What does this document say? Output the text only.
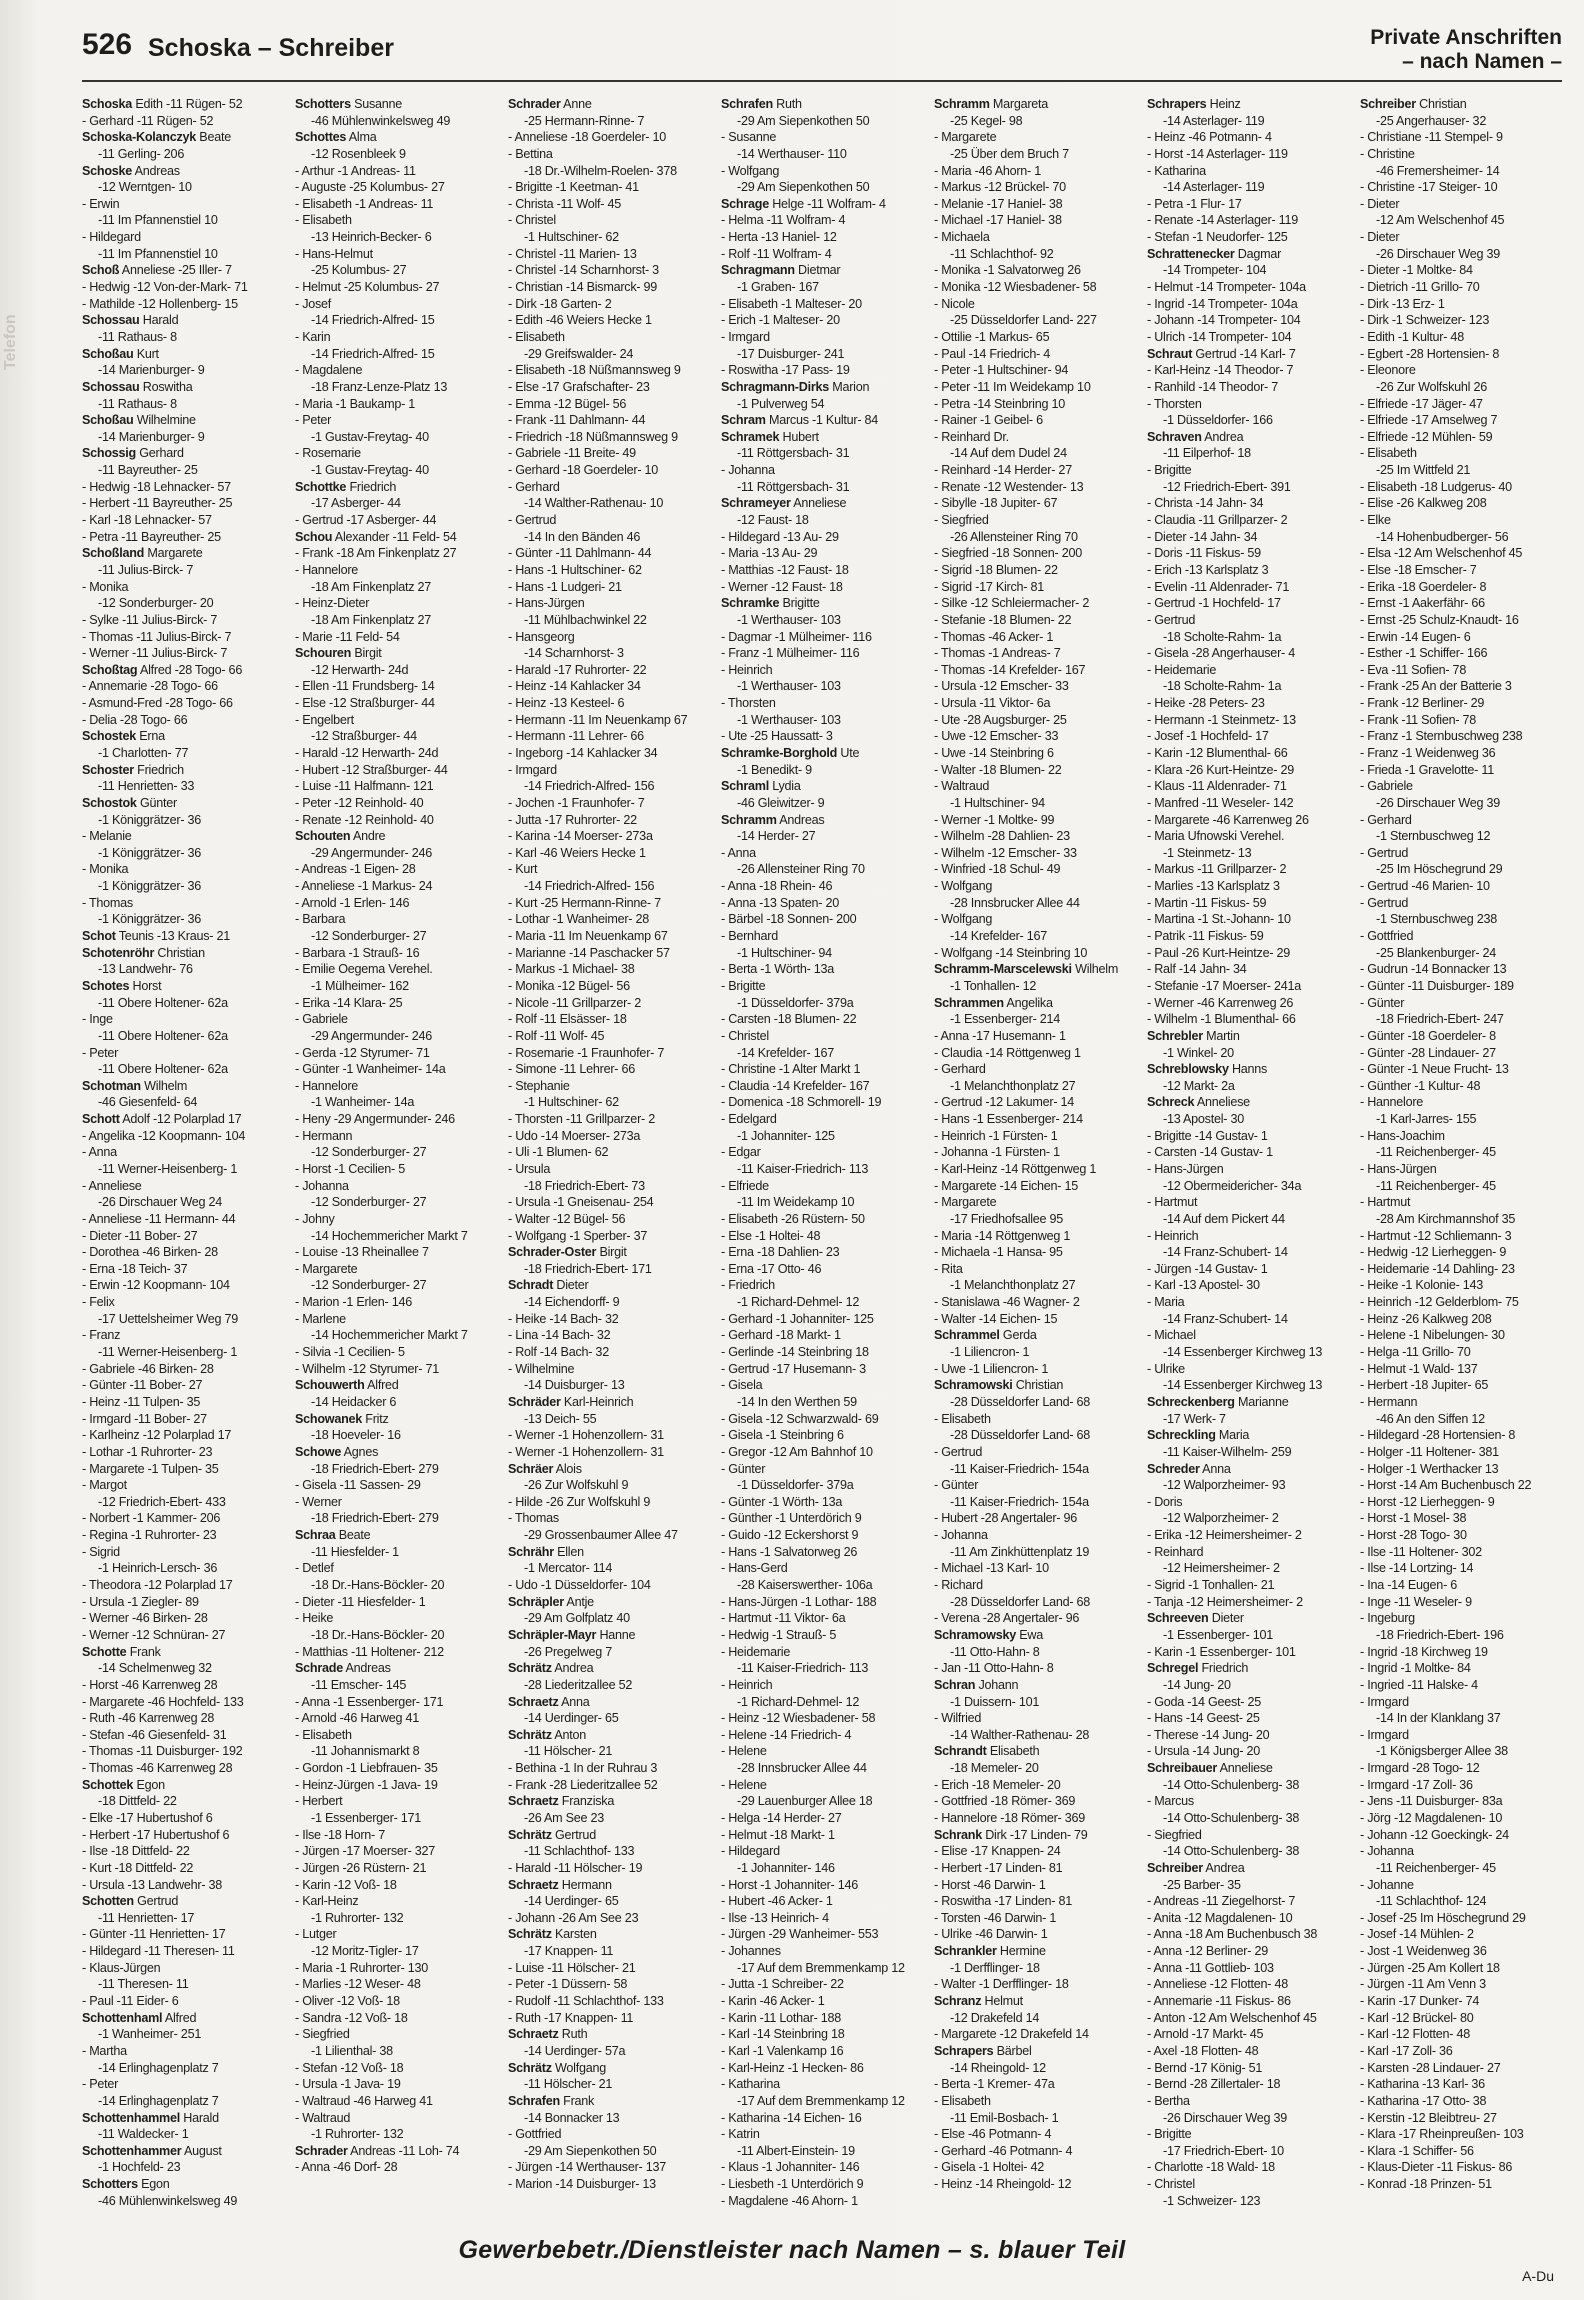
Telefon
526 Schoska – Schreiber	Private Anschriften
– nach Namen –
Schoska Edith -11 Rügen- 52
- Gerhard -11 Rügen- 52
Schoska-Kolanczyk Beate
-11 Gerling- 206
Schoske Andreas
-12 Werntgen- 10
- Erwin
-11 Im Pfannenstiel 10
- Hildegard
-11 Im Pfannenstiel 10
Schoß Anneliese -25 Iller- 7
- Hedwig -12 Von-der-Mark- 71
- Mathilde -12 Hollenberg- 15
Schossau Harald
-11 Rathaus- 8
Schoßau Kurt
-14 Marienburger- 9
Schossau Roswitha
-11 Rathaus- 8
Schoßau Wilhelmine
-14 Marienburger- 9
Schossig Gerhard
-11 Bayreuther- 25
- Hedwig -18 Lehnacker- 57
- Herbert -11 Bayreuther- 25
- Karl -18 Lehnacker- 57
- Petra -11 Bayreuther- 25
Schoßland Margarete
-11 Julius-Birck- 7
- Monika
-12 Sonderburger- 20
- Sylke -11 Julius-Birck- 7
- Thomas -11 Julius-Birck- 7
- Werner -11 Julius-Birck- 7
Schoßtag Alfred -28 Togo- 66
- Annemarie -28 Togo- 66
- Asmund-Fred -28 Togo- 66
- Delia -28 Togo- 66
Schostek Erna
-1 Charlotten- 77
Schoster Friedrich
-11 Henrietten- 33
Schostok Günter
-1 Königgrätzer- 36
- Melanie
-1 Königgrätzer- 36
- Monika
-1 Königgrätzer- 36
- Thomas
-1 Königgrätzer- 36
Schot Teunis -13 Kraus- 21
Schotenröhr Christian
-13 Landwehr- 76
Schotes Horst
-11 Obere Holtener- 62a
- Inge
-11 Obere Holtener- 62a
- Peter
-11 Obere Holtener- 62a
Schotman Wilhelm
-46 Giesenfeld- 64
Schott Adolf -12 Polarplad 17
- Angelika -12 Koopmann- 104
- Anna
-11 Werner-Heisenberg- 1
- Anneliese
-26 Dirschauer Weg 24
- Anneliese -11 Hermann- 44
- Dieter -11 Bober- 27
- Dorothea -46 Birken- 28
- Erna -18 Teich- 37
- Erwin -12 Koopmann- 104
- Felix
-17 Uettelsheimer Weg 79
- Franz
-11 Werner-Heisenberg- 1
- Gabriele -46 Birken- 28
- Günter -11 Bober- 27
- Heinz -11 Tulpen- 35
- Irmgard -11 Bober- 27
- Karlheinz -12 Polarplad 17
- Lothar -1 Ruhrorter- 23
- Margarete -1 Tulpen- 35
- Margot
-12 Friedrich-Ebert- 433
- Norbert -1 Kammer- 206
- Regina -1 Ruhrorter- 23
- Sigrid
-1 Heinrich-Lersch- 36
- Theodora -12 Polarplad 17
- Ursula -1 Ziegler- 89
- Werner -46 Birken- 28
- Werner -12 Schnüran- 27
Schotte Frank
-14 Schelmenweg 32
- Horst -46 Karrenweg 28
- Margarete -46 Hochfeld- 133
- Ruth -46 Karrenweg 28
- Stefan -46 Giesenfeld- 31
- Thomas -11 Duisburger- 192
- Thomas -46 Karrenweg 28
Schottek Egon
-18 Dittfeld- 22
- Elke -17 Hubertushof 6
- Herbert -17 Hubertushof 6
- Ilse -18 Dittfeld- 22
- Kurt -18 Dittfeld- 22
- Ursula -13 Landwehr- 38
Schotten Gertrud
-11 Henrietten- 17
- Günter -11 Henrietten- 17
- Hildegard -11 Theresen- 11
- Klaus-Jürgen
-11 Theresen- 11
- Paul -11 Eider- 6
Schottenhaml Alfred
-1 Wanheimer- 251
- Martha
-14 Erlinghagenplatz 7
- Peter
-14 Erlinghagenplatz 7
Schottenhammel Harald
-11 Waldecker- 1
Schottenhammer August
-1 Hochfeld- 23
Schotters Egon
-46 Mühlenwinkelsweg 49
Schotters Susanne
-46 Mühlenwinkelsweg 49
Schottes Alma
-12 Rosenbleek 9
- Arthur -1 Andreas- 11
- Auguste -25 Kolumbus- 27
- Elisabeth -1 Andreas- 11
- Elisabeth
-13 Heinrich-Becker- 6
- Hans-Helmut
-25 Kolumbus- 27
- Helmut -25 Kolumbus- 27
- Josef
-14 Friedrich-Alfred- 15
- Karin
-14 Friedrich-Alfred- 15
- Magdalene
-18 Franz-Lenze-Platz 13
- Maria -1 Baukamp- 1
- Peter
-1 Gustav-Freytag- 40
- Rosemarie
-1 Gustav-Freytag- 40
Schottke Friedrich
-17 Asberger- 44
- Gertrud -17 Asberger- 44
Schou Alexander -11 Feld- 54
- Frank -18 Am Finkenplatz 27
- Hannelore
-18 Am Finkenplatz 27
- Heinz-Dieter
-18 Am Finkenplatz 27
- Marie -11 Feld- 54
Schouren Birgit
-12 Herwarth- 24d
- Ellen -11 Frundsberg- 14
- Else -12 Straßburger- 44
- Engelbert
-12 Straßburger- 44
- Harald -12 Herwarth- 24d
- Hubert -12 Straßburger- 44
- Luise -11 Halfmann- 121
- Peter -12 Reinhold- 40
- Renate -12 Reinhold- 40
Schouten Andre
-29 Angermunder- 246
- Andreas -1 Eigen- 28
- Anneliese -1 Markus- 24
- Arnold -1 Erlen- 146
- Barbara
-12 Sonderburger- 27
- Barbara -1 Strauß- 16
- Emilie Oegema Verehel.
-1 Mülheimer- 162
- Erika -14 Klara- 25
- Gabriele
-29 Angermunder- 246
- Gerda -12 Styrumer- 71
- Günter -1 Wanheimer- 14a
- Hannelore
-1 Wanheimer- 14a
- Heny -29 Angermunder- 246
- Hermann
-12 Sonderburger- 27
- Horst -1 Cecilien- 5
- Johanna
-12 Sonderburger- 27
- Johny
-14 Hochemmericher Markt 7
- Louise -13 Rheinallee 7
- Margarete
-12 Sonderburger- 27
- Marion -1 Erlen- 146
- Marlene
-14 Hochemmericher Markt 7
- Silvia -1 Cecilien- 5
- Wilhelm -12 Styrumer- 71
Schouwerth Alfred
-14 Heidacker 6
Schowanek Fritz
-18 Hoeveler- 16
Schowe Agnes
-18 Friedrich-Ebert- 279
- Gisela -11 Sassen- 29
- Werner
-18 Friedrich-Ebert- 279
Schraa Beate
-11 Hiesfelder- 1
- Detlef
-18 Dr.-Hans-Böckler- 20
- Dieter -11 Hiesfelder- 1
- Heike
-18 Dr.-Hans-Böckler- 20
- Matthias -11 Holtener- 212
Schrade Andreas
-11 Emscher- 145
- Anna -1 Essenberger- 171
- Arnold -46 Harweg 41
- Elisabeth
-11 Johannismarkt 8
- Gordon -1 Liebfrauen- 35
- Heinz-Jürgen -1 Java- 19
- Herbert
-1 Essenberger- 171
- Ilse -18 Horn- 7
- Jürgen -17 Moerser- 327
- Jürgen -26 Rüstern- 21
- Karin -12 Voß- 18
- Karl-Heinz
-1 Ruhrorter- 132
- Lutger
-12 Moritz-Tigler- 17
- Maria -1 Ruhrorter- 130
- Marlies -12 Weser- 48
- Oliver -12 Voß- 18
- Sandra -12 Voß- 18
- Siegfried
-1 Lilienthal- 38
- Stefan -12 Voß- 18
- Ursula -1 Java- 19
- Waltraud -46 Harweg 41
- Waltraud
-1 Ruhrorter- 132
Schrader Andreas -11 Loh- 74
- Anna -46 Dorf- 28
Schrader Anne
-25 Hermann-Rinne- 7
- Anneliese -18 Goerdeler- 10
- Bettina
-18 Dr.-Wilhelm-Roelen- 378
- Brigitte -1 Keetman- 41
- Christa -11 Wolf- 45
- Christel
-1 Hultschiner- 62
- Christel -11 Marien- 13
- Christel -14 Scharnhorst- 3
- Christian -14 Bismarck- 99
- Dirk -18 Garten- 2
- Edith -46 Weiers Hecke 1
- Elisabeth
-29 Greifswalder- 24
- Elisabeth -18 Nüßmannsweg 9
- Else -17 Grafschafter- 23
- Emma -12 Bügel- 56
- Frank -11 Dahlmann- 44
- Friedrich -18 Nüßmannsweg 9
- Gabriele -11 Breite- 49
- Gerhard -18 Goerdeler- 10
- Gerhard
-14 Walther-Rathenau- 10
- Gertrud
-14 In den Bänden 46
- Günter -11 Dahlmann- 44
- Hans -1 Hultschiner- 62
- Hans -1 Ludgeri- 21
- Hans-Jürgen
-11 Mühlbachwinkel 22
- Hansgeorg
-14 Scharnhorst- 3
- Harald -17 Ruhrorter- 22
- Heinz -14 Kahlacker 34
- Heinz -13 Kesteel- 6
- Hermann -11 Im Neuenkamp 67
- Hermann -11 Lehrer- 66
- Ingeborg -14 Kahlacker 34
- Irmgard
-14 Friedrich-Alfred- 156
- Jochen -1 Fraunhofer- 7
- Jutta -17 Ruhrorter- 22
- Karina -14 Moerser- 273a
- Karl -46 Weiers Hecke 1
- Kurt
-14 Friedrich-Alfred- 156
- Kurt -25 Hermann-Rinne- 7
- Lothar -1 Wanheimer- 28
- Maria -11 Im Neuenkamp 67
- Marianne -14 Paschacker 57
- Markus -1 Michael- 38
- Monika -12 Bügel- 56
- Nicole -11 Grillparzer- 2
- Rolf -11 Elsässer- 18
- Rolf -11 Wolf- 45
- Rosemarie -1 Fraunhofer- 7
- Simone -11 Lehrer- 66
- Stephanie
-1 Hultschiner- 62
- Thorsten -11 Grillparzer- 2
- Udo -14 Moerser- 273a
- Uli -1 Blumen- 62
- Ursula
-18 Friedrich-Ebert- 73
- Ursula -1 Gneisenau- 254
- Walter -12 Bügel- 56
- Wolfgang -1 Sperber- 37
Schrader-Oster Birgit
-18 Friedrich-Ebert- 171
Schradt Dieter
-14 Eichendorff- 9
- Heike -14 Bach- 32
- Lina -14 Bach- 32
- Rolf -14 Bach- 32
- Wilhelmine
-14 Duisburger- 13
Schräder Karl-Heinrich
-13 Deich- 55
- Werner -1 Hohenzollern- 31
- Werner -1 Hohenzollern- 31
Schräer Alois
-26 Zur Wolfskuhl 9
- Hilde -26 Zur Wolfskuhl 9
- Thomas
-29 Grossenbaumer Allee 47
Schrähr Ellen
-1 Mercator- 114
- Udo -1 Düsseldorfer- 104
Schräpler Antje
-29 Am Golfplatz 40
Schräpler-Mayr Hanne
-26 Pregelweg 7
Schrätz Andrea
-28 Liederitzallee 52
Schraetz Anna
-14 Uerdinger- 65
Schrätz Anton
-11 Hölscher- 21
- Bethina -1 In der Ruhrau 3
- Frank -28 Liederitzallee 52
Schraetz Franziska
-26 Am See 23
Schrätz Gertrud
-11 Schlachthof- 133
- Harald -11 Hölscher- 19
Schraetz Hermann
-14 Uerdinger- 65
- Johann -26 Am See 23
Schrätz Karsten
-17 Knappen- 11
- Luise -11 Hölscher- 21
- Peter -1 Düssern- 58
- Rudolf -11 Schlachthof- 133
- Ruth -17 Knappen- 11
Schraetz Ruth
-14 Uerdinger- 57a
Schrätz Wolfgang
-11 Hölscher- 21
Schrafen Frank
-14 Bonnacker 13
- Gottfried
-29 Am Siepenkothen 50
- Jürgen -14 Werthauser- 137
- Marion -14 Duisburger- 13
Schrafen Ruth
-29 Am Siepenkothen 50
- Susanne
-14 Werthauser- 110
- Wolfgang
-29 Am Siepenkothen 50
Schrage Helge -11 Wolfram- 4
- Helma -11 Wolfram- 4
- Herta -13 Haniel- 12
- Rolf -11 Wolfram- 4
Schragmann Dietmar
-1 Graben- 167
- Elisabeth -1 Malteser- 20
- Erich -1 Malteser- 20
- Irmgard
-17 Duisburger- 241
- Roswitha -17 Pass- 19
Schragmann-Dirks Marion
-1 Pulverweg 54
Schram Marcus -1 Kultur- 84
Schramek Hubert
-11 Röttgersbach- 31
- Johanna
-11 Röttgersbach- 31
Schrameyer Anneliese
-12 Faust- 18
- Hildegard -13 Au- 29
- Maria -13 Au- 29
- Matthias -12 Faust- 18
- Werner -12 Faust- 18
Schramke Brigitte
-1 Werthauser- 103
- Dagmar -1 Mülheimer- 116
- Franz -1 Mülheimer- 116
- Heinrich
-1 Werthauser- 103
- Thorsten
-1 Werthauser- 103
- Ute -25 Haussatt- 3
Schramke-Borghold Ute
-1 Benedikt- 9
Schraml Lydia
-46 Gleiwitzer- 9
Schramm Andreas
-14 Herder- 27
- Anna
-26 Allensteiner Ring 70
- Anna -18 Rhein- 46
- Anna -13 Spaten- 20
- Bärbel -18 Sonnen- 200
- Bernhard
-1 Hultschiner- 94
- Berta -1 Wörth- 13a
- Brigitte
-1 Düsseldorfer- 379a
- Carsten -18 Blumen- 22
- Christel
-14 Krefelder- 167
- Christine -1 Alter Markt 1
- Claudia -14 Krefelder- 167
- Domenica -18 Schmorell- 19
- Edelgard
-1 Johanniter- 125
- Edgar
-11 Kaiser-Friedrich- 113
- Elfriede
-11 Im Weidekamp 10
- Elisabeth -26 Rüstern- 50
- Else -1 Holtei- 48
- Erna -18 Dahlien- 23
- Erna -17 Otto- 46
- Friedrich
-1 Richard-Dehmel- 12
- Gerhard -1 Johanniter- 125
- Gerhard -18 Markt- 1
- Gerlinde -14 Steinbring 18
- Gertrud -17 Husemann- 3
- Gisela
-14 In den Werthen 59
- Gisela -12 Schwarzwald- 69
- Gisela -1 Steinbring 6
- Gregor -12 Am Bahnhof 10
- Günter
-1 Düsseldorfer- 379a
- Günter -1 Wörth- 13a
- Günther -1 Unterdörich 9
- Guido -12 Eckershorst 9
- Hans -1 Salvatorweg 26
- Hans-Gerd
-28 Kaiserswerther- 106a
- Hans-Jürgen -1 Lothar- 188
- Hartmut -11 Viktor- 6a
- Hedwig -1 Strauß- 5
- Heidemarie
-11 Kaiser-Friedrich- 113
- Heinrich
-1 Richard-Dehmel- 12
- Heinz -12 Wiesbadener- 58
- Helene -14 Friedrich- 4
- Helene
-28 Innsbrucker Allee 44
- Helene
-29 Lauenburger Allee 18
- Helga -14 Herder- 27
- Helmut -18 Markt- 1
- Hildegard
-1 Johanniter- 146
- Horst -1 Johanniter- 146
- Hubert -46 Acker- 1
- Ilse -13 Heinrich- 4
- Jürgen -29 Wanheimer- 553
- Johannes
-17 Auf dem Bremmenkamp 12
- Jutta -1 Schreiber- 22
- Karin -46 Acker- 1
- Karin -11 Lothar- 188
- Karl -14 Steinbring 18
- Karl -1 Valenkamp 16
- Karl-Heinz -1 Hecken- 86
- Katharina
-17 Auf dem Bremmenkamp 12
- Katharina -14 Eichen- 16
- Katrin
-11 Albert-Einstein- 19
- Klaus -1 Johanniter- 146
- Liesbeth -1 Unterdörich 9
- Magdalene -46 Ahorn- 1
Schramm Margareta
-25 Kegel- 98
- Margarete
-25 Über dem Bruch 7
- Maria -46 Ahorn- 1
- Markus -12 Brückel- 70
- Melanie -17 Haniel- 38
- Michael -17 Haniel- 38
- Michaela
-11 Schlachthof- 92
- Monika -1 Salvatorweg 26
- Monika -12 Wiesbadener- 58
- Nicole
-25 Düsseldorfer Land- 227
- Ottilie -1 Markus- 65
- Paul -14 Friedrich- 4
- Peter -1 Hultschiner- 94
- Peter -11 Im Weidekamp 10
- Petra -14 Steinbring 10
- Rainer -1 Geibel- 6
- Reinhard Dr.
-14 Auf dem Dudel 24
- Reinhard -14 Herder- 27
- Renate -12 Westender- 13
- Sibylle -18 Jupiter- 67
- Siegfried
-26 Allensteiner Ring 70
- Siegfried -18 Sonnen- 200
- Sigrid -18 Blumen- 22
- Sigrid -17 Kirch- 81
- Silke -12 Schleiermacher- 2
- Stefanie -18 Blumen- 22
- Thomas -46 Acker- 1
- Thomas -1 Andreas- 7
- Thomas -14 Krefelder- 167
- Ursula -12 Emscher- 33
- Ursula -11 Viktor- 6a
- Ute -28 Augsburger- 25
- Uwe -12 Emscher- 33
- Uwe -14 Steinbring 6
- Walter -18 Blumen- 22
- Waltraud
-1 Hultschiner- 94
- Werner -1 Moltke- 99
- Wilhelm -28 Dahlien- 23
- Wilhelm -12 Emscher- 33
- Winfried -18 Schul- 49
- Wolfgang
-28 Innsbrucker Allee 44
- Wolfgang
-14 Krefelder- 167
- Wolfgang -14 Steinbring 10
Schramm-Marscelewski Wilhelm
-1 Tonhallen- 12
Schrammen Angelika
-1 Essenberger- 214
- Anna -17 Husemann- 1
- Claudia -14 Röttgenweg 1
- Gerhard
-1 Melanchthonplatz 27
- Gertrud -12 Lakumer- 14
- Hans -1 Essenberger- 214
- Heinrich -1 Fürsten- 1
- Johanna -1 Fürsten- 1
- Karl-Heinz -14 Röttgenweg 1
- Margarete -14 Eichen- 15
- Margarete
-17 Friedhofsallee 95
- Maria -14 Röttgenweg 1
- Michaela -1 Hansa- 95
- Rita
-1 Melanchthonplatz 27
- Stanislawa -46 Wagner- 2
- Walter -14 Eichen- 15
Schrammel Gerda
-1 Liliencron- 1
- Uwe -1 Liliencron- 1
Schramowski Christian
-28 Düsseldorfer Land- 68
- Elisabeth
-28 Düsseldorfer Land- 68
- Gertrud
-11 Kaiser-Friedrich- 154a
- Günter
-11 Kaiser-Friedrich- 154a
- Hubert -28 Angertaler- 96
- Johanna
-11 Am Zinkhüttenplatz 19
- Michael -13 Karl- 10
- Richard
-28 Düsseldorfer Land- 68
- Verena -28 Angertaler- 96
Schramowsky Ewa
-11 Otto-Hahn- 8
- Jan -11 Otto-Hahn- 8
Schran Johann
-1 Duissern- 101
- Wilfried
-14 Walther-Rathenau- 28
Schrandt Elisabeth
-18 Memeler- 20
- Erich -18 Memeler- 20
- Gottfried -18 Römer- 369
- Hannelore -18 Römer- 369
Schrank Dirk -17 Linden- 79
- Elise -17 Knappen- 24
- Herbert -17 Linden- 81
- Horst -46 Darwin- 1
- Roswitha -17 Linden- 81
- Torsten -46 Darwin- 1
- Ulrike -46 Darwin- 1
Schrankler Hermine
-1 Derfflinger- 18
- Walter -1 Derfflinger- 18
Schranz Helmut
-12 Drakefeld 14
- Margarete -12 Drakefeld 14
Schrapers Bärbel
-14 Rheingold- 12
- Berta -1 Kremer- 47a
- Elisabeth
-11 Emil-Bosbach- 1
- Else -46 Potmann- 4
- Gerhard -46 Potmann- 4
- Gisela -1 Holtei- 42
- Heinz -14 Rheingold- 12
Schrapers Heinz
-14 Asterlager- 119
- Heinz -46 Potmann- 4
- Horst -14 Asterlager- 119
- Katharina
-14 Asterlager- 119
- Petra -1 Flur- 17
- Renate -14 Asterlager- 119
- Stefan -1 Neudorfer- 125
Schrattenecker Dagmar
-14 Trompeter- 104
- Helmut -14 Trompeter- 104a
- Ingrid -14 Trompeter- 104a
- Johann -14 Trompeter- 104
- Ulrich -14 Trompeter- 104
Schraut Gertrud -14 Karl- 7
- Karl-Heinz -14 Theodor- 7
- Ranhild -14 Theodor- 7
- Thorsten
-1 Düsseldorfer- 166
Schraven Andrea
-11 Eilperhof- 18
- Brigitte
-12 Friedrich-Ebert- 391
- Christa -14 Jahn- 34
- Claudia -11 Grillparzer- 2
- Dieter -14 Jahn- 34
- Doris -11 Fiskus- 59
- Erich -13 Karlsplatz 3
- Evelin -11 Aldenrader- 71
- Gertrud -1 Hochfeld- 17
- Gertrud
-18 Scholte-Rahm- 1a
- Gisela -28 Angerhauser- 4
- Heidemarie
-18 Scholte-Rahm- 1a
- Heike -28 Peters- 23
- Hermann -1 Steinmetz- 13
- Josef -1 Hochfeld- 17
- Karin -12 Blumenthal- 66
- Klara -26 Kurt-Heintze- 29
- Klaus -11 Aldenrader- 71
- Manfred -11 Weseler- 142
- Margarete -46 Karrenweg 26
- Maria Ufnowski Verehel.
-1 Steinmetz- 13
- Markus -11 Grillparzer- 2
- Marlies -13 Karlsplatz 3
- Martin -11 Fiskus- 59
- Martina -1 St.-Johann- 10
- Patrik -11 Fiskus- 59
- Paul -26 Kurt-Heintze- 29
- Ralf -14 Jahn- 34
- Stefanie -17 Moerser- 241a
- Werner -46 Karrenweg 26
- Wilhelm -1 Blumenthal- 66
Schrebler Martin
-1 Winkel- 20
Schreblowsky Hanns
-12 Markt- 2a
Schreck Anneliese
-13 Apostel- 30
- Brigitte -14 Gustav- 1
- Carsten -14 Gustav- 1
- Hans-Jürgen
-12 Obermeidericher- 34a
- Hartmut
-14 Auf dem Pickert 44
- Heinrich
-14 Franz-Schubert- 14
- Jürgen -14 Gustav- 1
- Karl -13 Apostel- 30
- Maria
-14 Franz-Schubert- 14
- Michael
-14 Essenberger Kirchweg 13
- Ulrike
-14 Essenberger Kirchweg 13
Schreckenberg Marianne
-17 Werk- 7
Schreckling Maria
-11 Kaiser-Wilhelm- 259
Schreder Anna
-12 Walporzheimer- 93
- Doris
-12 Walporzheimer- 2
- Erika -12 Heimersheimer- 2
- Reinhard
-12 Heimersheimer- 2
- Sigrid -1 Tonhallen- 21
- Tanja -12 Heimersheimer- 2
Schreeven Dieter
-1 Essenberger- 101
- Karin -1 Essenberger- 101
Schregel Friedrich
-14 Jung- 20
- Goda -14 Geest- 25
- Hans -14 Geest- 25
- Therese -14 Jung- 20
- Ursula -14 Jung- 20
Schreibauer Anneliese
-14 Otto-Schulenberg- 38
- Marcus
-14 Otto-Schulenberg- 38
- Siegfried
-14 Otto-Schulenberg- 38
Schreiber Andrea
-25 Barber- 35
- Andreas -11 Ziegelhorst- 7
- Anita -12 Magdalenen- 10
- Anna -18 Am Buchenbusch 38
- Anna -12 Berliner- 29
- Anna -11 Gottlieb- 103
- Anneliese -12 Flotten- 48
- Annemarie -11 Fiskus- 86
- Anton -12 Am Welschenhof 45
- Arnold -17 Markt- 45
- Axel -18 Flotten- 48
- Bernd -17 König- 51
- Bernd -28 Zillertaler- 18
- Bertha
-26 Dirschauer Weg 39
- Brigitte
-17 Friedrich-Ebert- 10
- Charlotte -18 Wald- 18
- Christel
-1 Schweizer- 123
Schreiber Christian
-25 Angerhauser- 32
- Christiane -11 Stempel- 9
- Christine
-46 Fremersheimer- 14
- Christine -17 Steiger- 10
- Dieter
-12 Am Welschenhof 45
- Dieter
-26 Dirschauer Weg 39
- Dieter -1 Moltke- 84
- Dietrich -11 Grillo- 70
- Dirk -13 Erz- 1
- Dirk -1 Schweizer- 123
- Edith -1 Kultur- 48
- Egbert -28 Hortensien- 8
- Eleonore
-26 Zur Wolfskuhl 26
- Elfriede -17 Jäger- 47
- Elfriede -17 Amselweg 7
- Elfriede -12 Mühlen- 59
- Elisabeth
-25 Im Wittfeld 21
- Elisabeth -18 Ludgerus- 40
- Elise -26 Kalkweg 208
- Elke
-14 Hohenbudberger- 56
- Elsa -12 Am Welschenhof 45
- Else -18 Emscher- 7
- Erika -18 Goerdeler- 8
- Ernst -1 Aakerfähr- 66
- Ernst -25 Schulz-Knaudt- 16
- Erwin -14 Eugen- 6
- Esther -1 Schiffer- 166
- Eva -11 Sofien- 78
- Frank -25 An der Batterie 3
- Frank -12 Berliner- 29
- Frank -11 Sofien- 78
- Franz -1 Sternbuschweg 238
- Franz -1 Weidenweg 36
- Frieda -1 Gravelotte- 11
- Gabriele
-26 Dirschauer Weg 39
- Gerhard
-1 Sternbuschweg 12
- Gertrud
-25 Im Höschegrund 29
- Gertrud -46 Marien- 10
- Gertrud
-1 Sternbuschweg 238
- Gottfried
-25 Blankenburger- 24
- Gudrun -14 Bonnacker 13
- Günter -11 Duisburger- 189
- Günter
-18 Friedrich-Ebert- 247
- Günter -18 Goerdeler- 8
- Günter -28 Lindauer- 27
- Günter -1 Neue Frucht- 13
- Günther -1 Kultur- 48
- Hannelore
-1 Karl-Jarres- 155
- Hans-Joachim
-11 Reichenberger- 45
- Hans-Jürgen
-11 Reichenberger- 45
- Hartmut
-28 Am Kirchmannshof 35
- Hartmut -12 Schliemann- 3
- Hedwig -12 Lierheggen- 9
- Heidemarie -14 Dahling- 23
- Heike -1 Kolonie- 143
- Heinrich -12 Gelderblom- 75
- Heinz -26 Kalkweg 208
- Helene -1 Nibelungen- 30
- Helga -11 Grillo- 70
- Helmut -1 Wald- 137
- Herbert -18 Jupiter- 65
- Hermann
-46 An den Siffen 12
- Hildegard -28 Hortensien- 8
- Holger -11 Holtener- 381
- Holger -1 Werthacker 13
- Horst -14 Am Buchenbusch 22
- Horst -12 Lierheggen- 9
- Horst -1 Mosel- 38
- Horst -28 Togo- 30
- Ilse -11 Holtener- 302
- Ilse -14 Lortzing- 14
- Ina -14 Eugen- 6
- Inge -11 Weseler- 9
- Ingeburg
-18 Friedrich-Ebert- 196
- Ingrid -18 Kirchweg 19
- Ingrid -1 Moltke- 84
- Ingried -11 Halske- 4
- Irmgard
-14 In der Klanklang 37
- Irmgard
-1 Königsberger Allee 38
- Irmgard -28 Togo- 12
- Irmgard -17 Zoll- 36
- Jens -11 Duisburger- 83a
- Jörg -12 Magdalenen- 10
- Johann -12 Goeckingk- 24
- Johanna
-11 Reichenberger- 45
- Johanne
-11 Schlachthof- 124
- Josef -25 Im Höschegrund 29
- Josef -14 Mühlen- 2
- Jost -1 Weidenweg 36
- Jürgen -25 Am Kollert 18
- Jürgen -11 Am Venn 3
- Karin -17 Dunker- 74
- Karl -12 Brückel- 80
- Karl -12 Flotten- 48
- Karl -17 Zoll- 36
- Karsten -28 Lindauer- 27
- Katharina -13 Karl- 36
- Katharina -17 Otto- 38
- Kerstin -12 Bleibtreu- 27
- Klara -17 Rheinpreußen- 103
- Klara -1 Schiffer- 56
- Klaus-Dieter -11 Fiskus- 86
- Konrad -18 Prinzen- 51
Gewerbebetr./Dienstleister nach Namen – s. blauer Teil
A-Du
